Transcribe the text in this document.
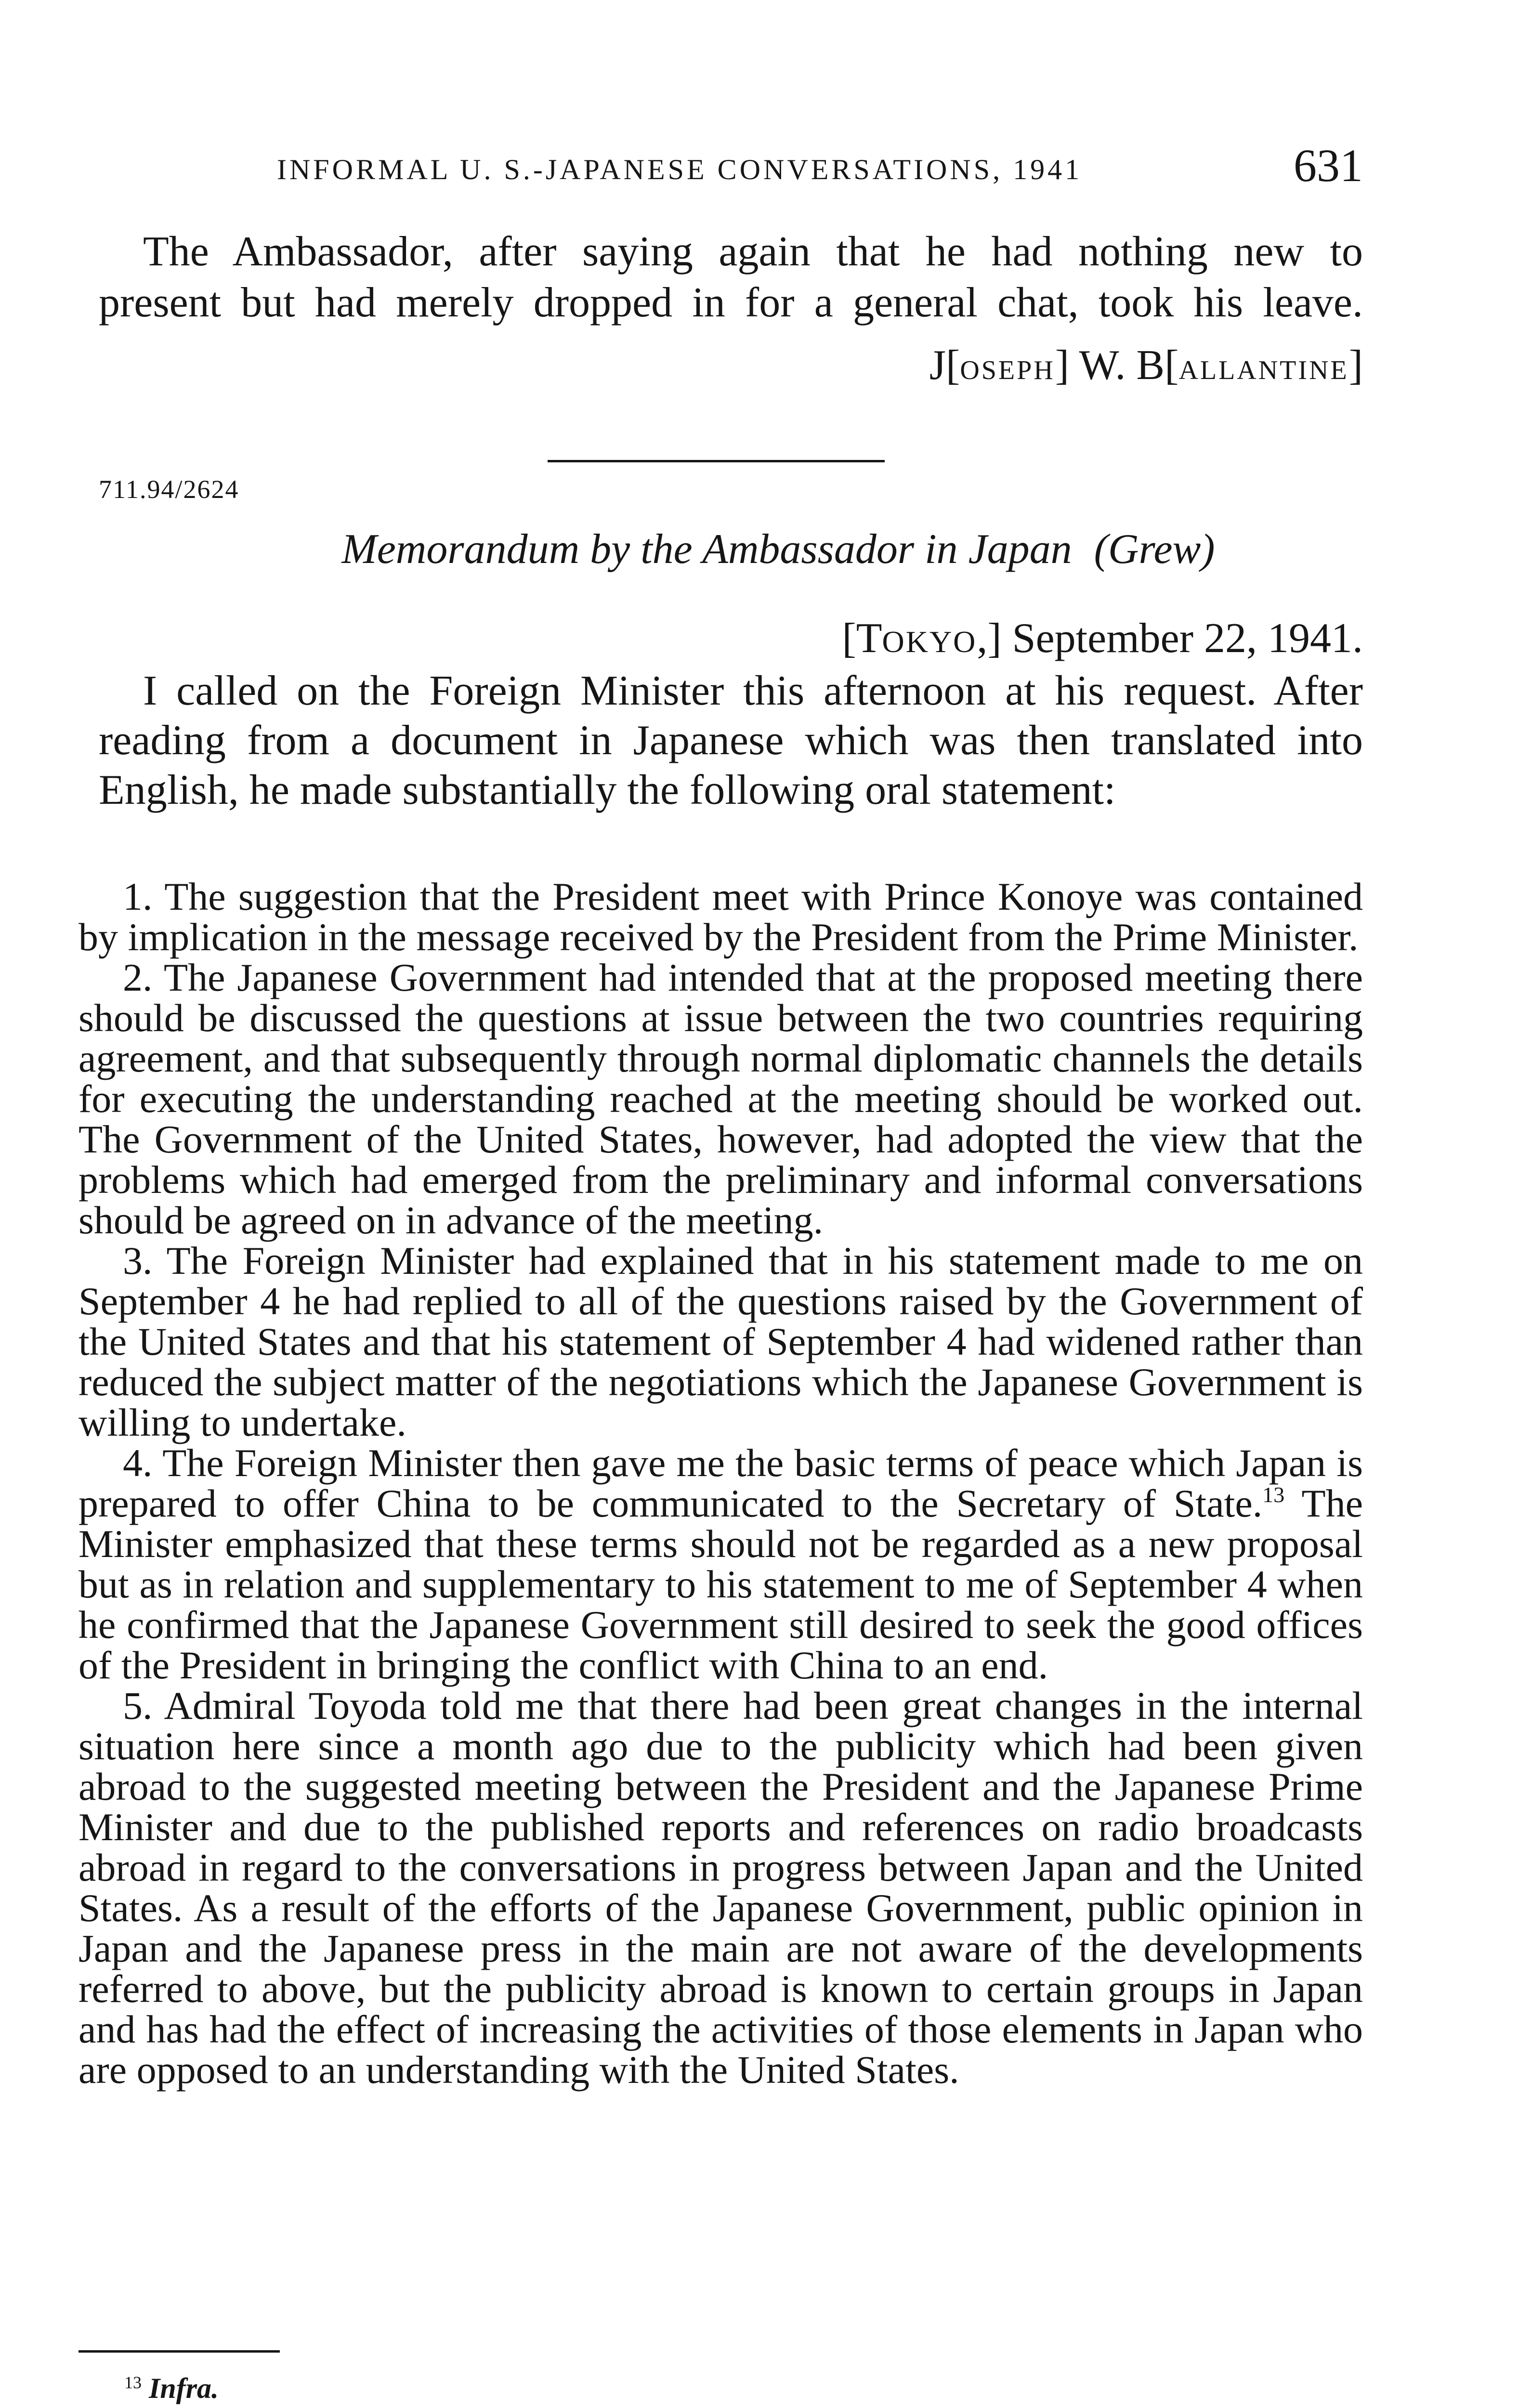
INFORMAL U. S.-JAPANESE CONVERSATIONS, 1941	631

The Ambassador, after saying again that he had nothing new to

present but had merely dropped in for a general chat, took his leave.

J[OSEPH] W. B[ALLANTINE]
711.94/2624
Memorandum by the Ambassador in Japan (Grew)
[TOKYO,] September 22, 1941.

I called on the Foreign Minister this afternoon at his request. After reading from a document in Japanese which was then translated into English, he made substantially the following oral statement:

1. The suggestion that the President meet with Prince Konoye was contained by implication in the message received by the President from the Prime Minister.

2. The Japanese Government had intended that at the proposed meeting there should be discussed the questions at issue between the two countries requiring agreement, and that subsequently through normal diplomatic channels the details for executing the understanding reached at the meeting should be worked out. The Government of the United States, however, had adopted the view that the problems which had emerged from the preliminary and informal conversations should be agreed on in advance of the meeting.

3. The Foreign Minister had explained that in his statement made to me on September 4 he had replied to all of the questions raised by the Government of the United States and that his statement of September 4 had widened rather than reduced the subject matter of the negotiations which the Japanese Government is willing to undertake.

4. The Foreign Minister then gave me the basic terms of peace which Japan is prepared to offer China to be communicated to the Secretary of State.$^{13}$ The Minister emphasized that these terms should not be regarded as a new proposal but as in relation and supplementary to his statement to me of September 4 when he confirmed that the Japanese Government still desired to seek the good offices of the President in bringing the conflict with China to an end.

5. Admiral Toyoda told me that there had been great changes in the internal situation here since a month ago due to the publicity which had been given abroad to the suggested meeting between the President and the Japanese Prime Minister and due to the published reports and references on radio broadcasts abroad in regard to the conversations in progress between Japan and the United States. As a result of the efforts of the Japanese Government, public opinion in Japan and the Japanese press in the main are not aware of the developments referred to above, but the publicity abroad is known to certain groups in Japan and has had the effect of increasing the activities of those elements in Japan who are opposed to an understanding with the United States.

$^{13}$ Infra.
